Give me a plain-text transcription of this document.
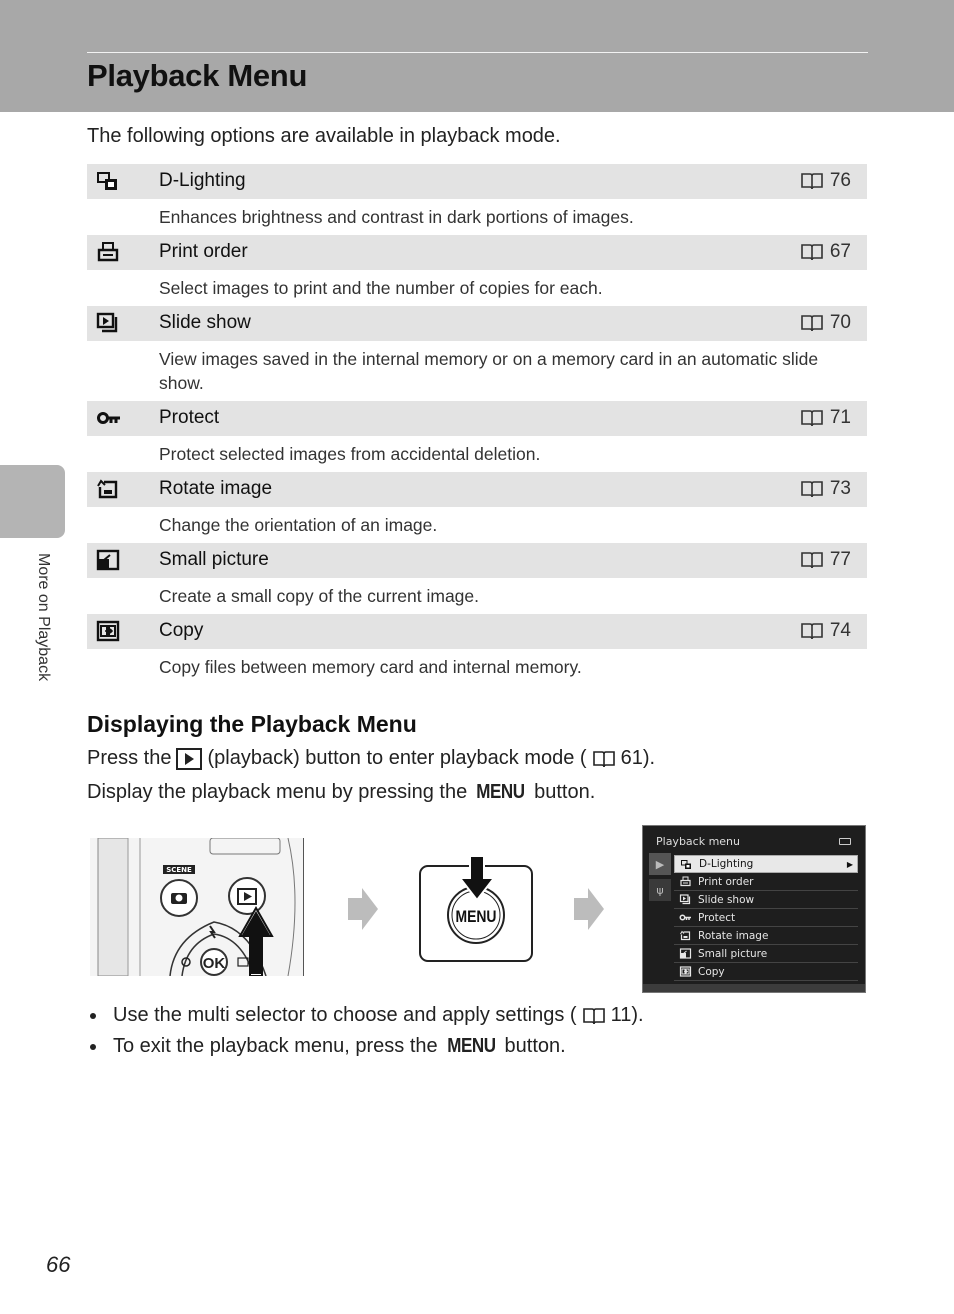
Playback Menu
More on Playback
The following options are available in playback mode.
D-Lighting	76
Enhances brightness and contrast in dark portions of images.
Print order	67
Select images to print and the number of copies for each.
Slide show	70
View images saved in the internal memory or on a memory card in an automatic slide show.
Protect	71
Protect selected images from accidental deletion.
Rotate image	73
Change the orientation of an image.
Small picture	77
Create a small copy of the current image.
Copy	74
Copy files between memory card and internal memory.
Displaying the Playback Menu
Press the (playback) button to enter playback mode ( 61 ).
Display the playback menu by pressing the MENU button.
SCENE
OK
MENU
Playback menu
▶
ψ
D-Lighting	▶
Print order
Slide show
Protect
Rotate image
Small picture
Copy
Use the multi selector to choose and apply settings ( 11 ).
To exit the playback menu, press the MENU button.
66
